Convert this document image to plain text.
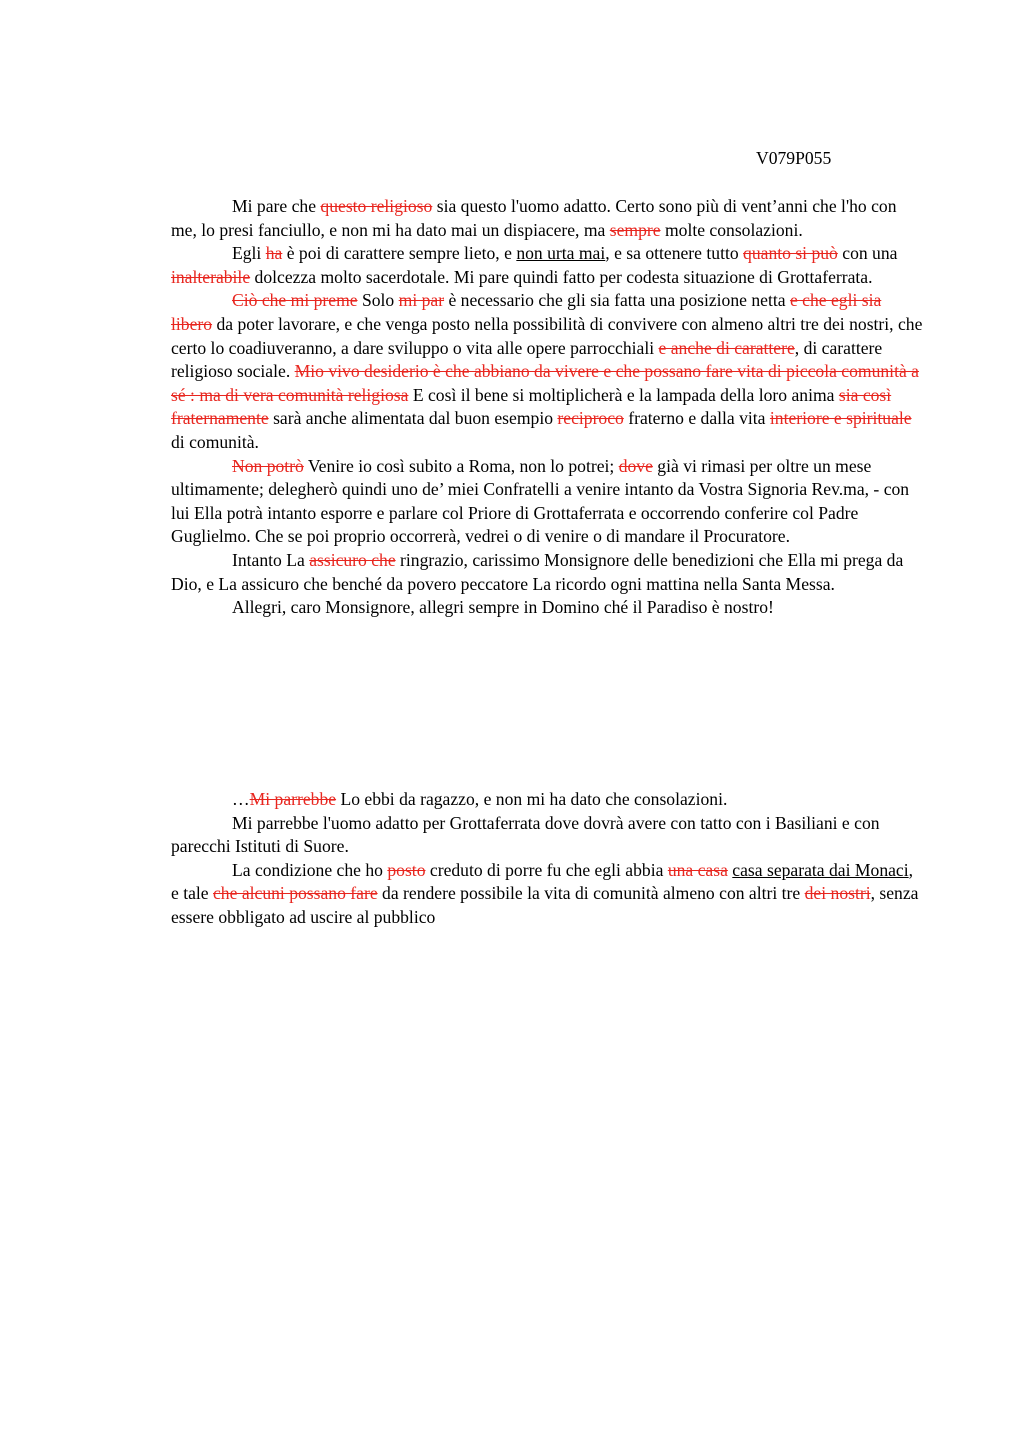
V079P055

Mi pare che questo religioso sia questo l'uomo adatto. Certo sono più di vent’anni che l'ho con me, lo presi fanciullo, e non mi ha dato mai un dispiacere, ma sempre molte consolazioni.

Egli ha è poi di carattere sempre lieto, e non urta mai, e sa ottenere tutto quanto si può con una inalterabile dolcezza molto sacerdotale. Mi pare quindi fatto per codesta situazione di Grottaferrata.

Ciò che mi preme Solo mi par è necessario che gli sia fatta una posizione netta e che egli sia libero da poter lavorare, e che venga posto nella possibilità di convivere con almeno altri tre dei nostri, che certo lo coadiuveranno, a dare sviluppo o vita alle opere parrocchiali e anche di carattere, di carattere religioso sociale. Mio vivo desiderio è che abbiano da vivere e che possano fare vita di piccola comunità a sé : ma di vera comunità religiosa E così il bene si moltiplicherà e la lampada della loro anima sia così fraternamente sarà anche alimentata dal buon esempio reciproco fraterno e dalla vita interiore e spirituale di comunità.

Non potrò Venire io così subito a Roma, non lo potrei; dove già vi rimasi per oltre un mese ultimamente; delegherò quindi uno de’ miei Confratelli a venire intanto da Vostra Signoria Rev.ma, - con lui Ella potrà intanto esporre e parlare col Priore di Grottaferrata e occorrendo conferire col Padre Guglielmo. Che se poi proprio occorrerà, vedrei o di venire o di mandare il Procuratore.

Intanto La assicuro che ringrazio, carissimo Monsignore delle benedizioni che Ella mi prega da Dio, e La assicuro che benché da povero peccatore La ricordo ogni mattina nella Santa Messa.

Allegri, caro Monsignore, allegri sempre in Domino ché il Paradiso è nostro!

…Mi parrebbe Lo ebbi da ragazzo, e non mi ha dato che consolazioni.

Mi parrebbe l'uomo adatto per Grottaferrata dove dovrà avere con tatto con i Basiliani e con parecchi Istituti di Suore.

La condizione che ho posto creduto di porre fu che egli abbia una casa casa separata dai Monaci, e tale che alcuni possano fare da rendere possibile la vita di comunità almeno con altri tre dei nostri, senza essere obbligato ad uscire al pubblico
